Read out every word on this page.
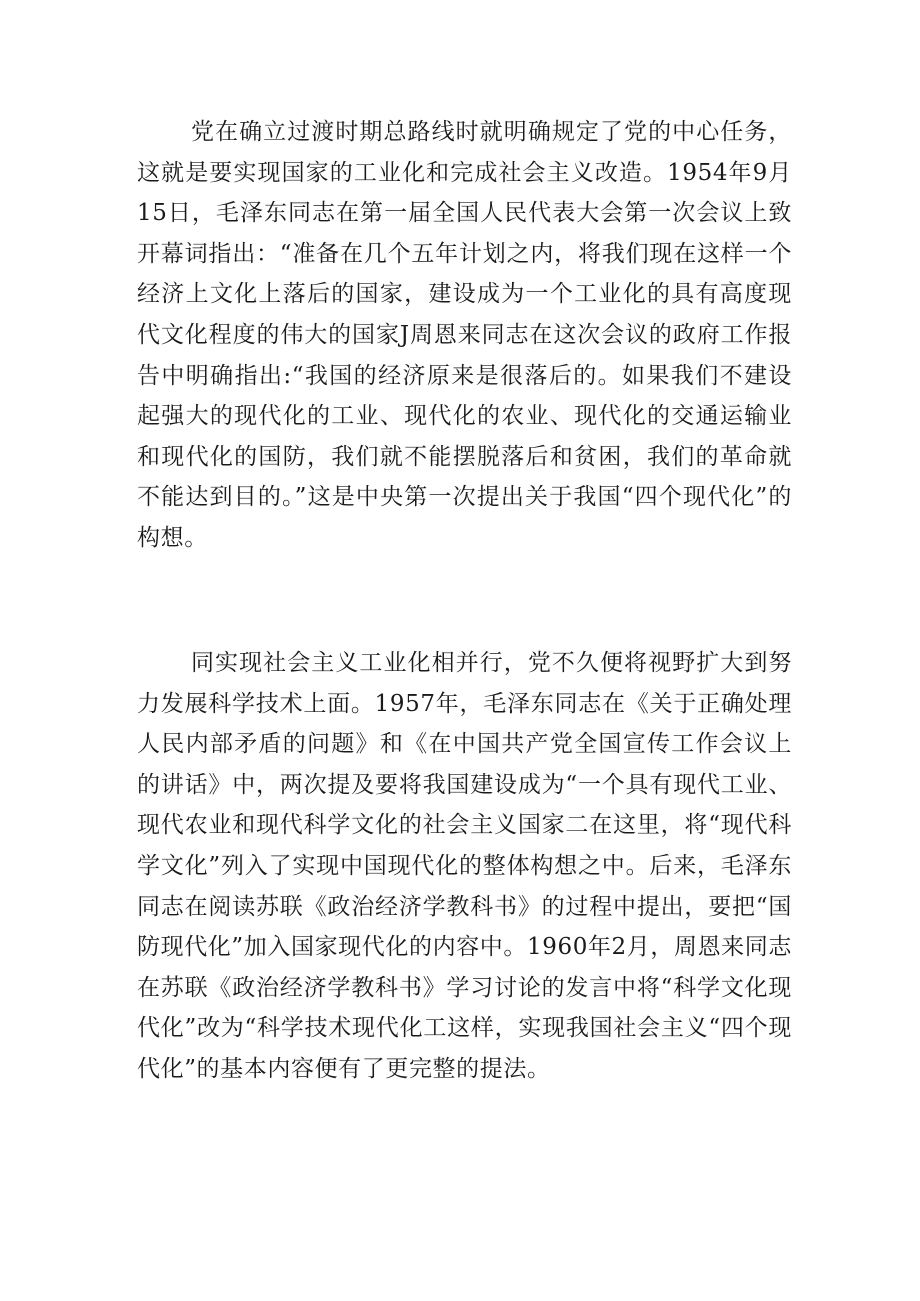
党在确立过渡时期总路线时就明确规定了党的中心任务，这就是要实现国家的工业化和完成社会主义改造。1954年9月15日，毛泽东同志在第一届全国人民代表大会第一次会议上致开幕词指出：“准备在几个五年计划之内，将我们现在这样一个经济上文化上落后的国家，建设成为一个工业化的具有高度现代文化程度的伟大的国家J周恩来同志在这次会议的政府工作报告中明确指出:“我国的经济原来是很落后的。如果我们不建设起强大的现代化的工业、现代化的农业、现代化的交通运输业和现代化的国防，我们就不能摆脱落后和贫困，我们的革命就不能达到目的。”这是中央第一次提出关于我国“四个现代化”的构想。

同实现社会主义工业化相并行，党不久便将视野扩大到努力发展科学技术上面。1957年，毛泽东同志在《关于正确处理人民内部矛盾的问题》和《在中国共产党全国宣传工作会议上的讲话》中，两次提及要将我国建设成为“一个具有现代工业、现代农业和现代科学文化的社会主义国家二在这里，将“现代科学文化”列入了实现中国现代化的整体构想之中。后来，毛泽东同志在阅读苏联《政治经济学教科书》的过程中提出，要把“国防现代化”加入国家现代化的内容中。1960年2月，周恩来同志在苏联《政治经济学教科书》学习讨论的发言中将“科学文化现代化”改为“科学技术现代化工这样，实现我国社会主义“四个现代化”的基本内容便有了更完整的提法。
